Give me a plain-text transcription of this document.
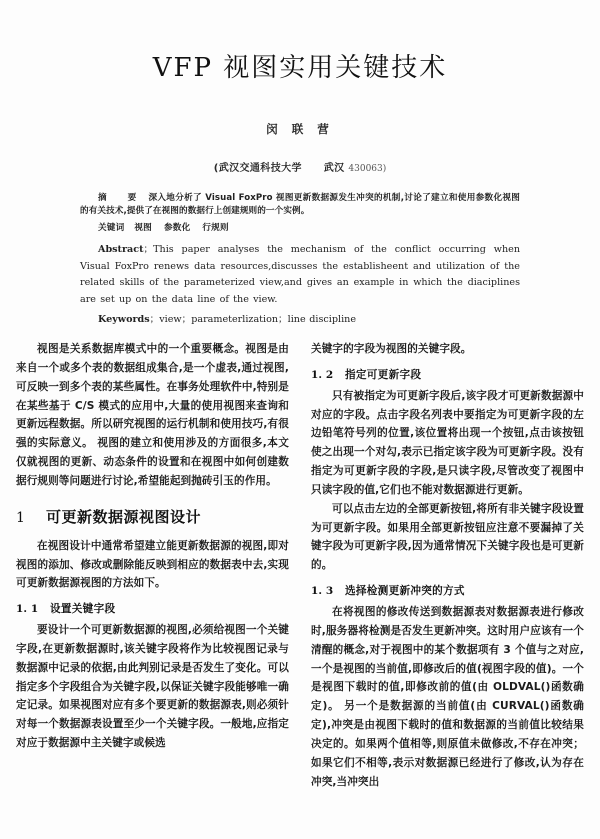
VFP 视图实用关键技术
闵 联 营
(武汉交通科技大学 武汉 430063)
摘　要 深入地分析了 Visual FoxPro 视图更新数据源发生冲突的机制,讨论了建立和使用参数化视图的有关技术,提供了在视图的数据行上创建规则的一个实例。
关键词 视图 参数化 行规则
Abstract；This paper analyses the mechanism of the conflict occurring when Visual FoxPro renews data resources,discusses the establisheent and utilization of the related skills of the parameterized view,and gives an example in which the diaciplines are set up on the data line of the view.
Keywords；view；parameterlization；line discipline

视图是关系数据库模式中的一个重要概念。视图是由来自一个或多个表的数据组成集合,是一个虚表,通过视图,可反映一到多个表的某些属性。在事务处理软件中,特别是在某些基于 C/S 模式的应用中,大量的使用视图来查询和更新远程数据。所以研究视图的运行机制和使用技巧,有很强的实际意义。 视图的建立和使用涉及的方面很多,本文仅就视图的更新、动态条件的设置和在视图中如何创建数据行规则等问题进行讨论,希望能起到抛砖引玉的作用。

1	可更新数据源视图设计

在视图设计中通常希望建立能更新数据源的视图,即对视图的添加、修改或删除能反映到相应的数据表中去,实现可更新数据源视图的方法如下。

1. 1	设置关键字段

要设计一个可更新数据源的视图,必须给视图一个关键字段,在更新数据源时,该关键字段将作为比较视图记录与数据源中记录的依据,由此判别记录是否发生了变化。可以指定多个字段组合为关键字段,以保证关键字段能够唯一确定记录。如果视图对应有多个要更新的数据源表,则必须针对每一个数据源表设置至少一个关键字段。一般地,应指定对应于数据源中主关键字或候选

关键字的字段为视图的关键字段。

1. 2	指定可更新字段

只有被指定为可更新字段后,该字段才可更新数据源中对应的字段。点击字段名列表中要指定为可更新字段的左边铅笔符号列的位置,该位置将出现一个按钮,点击该按钮使之出现一个对勾,表示已指定该字段为可更新字段。没有指定为可更新字段的字段,是只读字段,尽管改变了视图中只读字段的值,它们也不能对数据源进行更新。

可以点击左边的全部更新按钮,将所有非关键字段设置为可更新字段。如果用全部更新按钮应注意不要漏掉了关键字段为可更新字段,因为通常情况下关键字段也是可更新的。

1. 3	选择检测更新冲突的方式

在将视图的修改传送到数据源表对数据源表进行修改时,服务器将检测是否发生更新冲突。这时用户应该有一个清醒的概念,对于视图中的某个数据项有 3 个值与之对应,一个是视图的当前值,即修改后的值(视图字段的值)。一个是视图下载时的值,即修改前的值(由 OLDVAL()函数确定)。 另一个是数据源的当前值(由 CURVAL()函数确定),冲突是由视图下载时的值和数据源的当前值比较结果决定的。如果两个值相等,则原值未做修改,不存在冲突；如果它们不相等,表示对数据源已经进行了修改,认为存在冲突,当冲突出
